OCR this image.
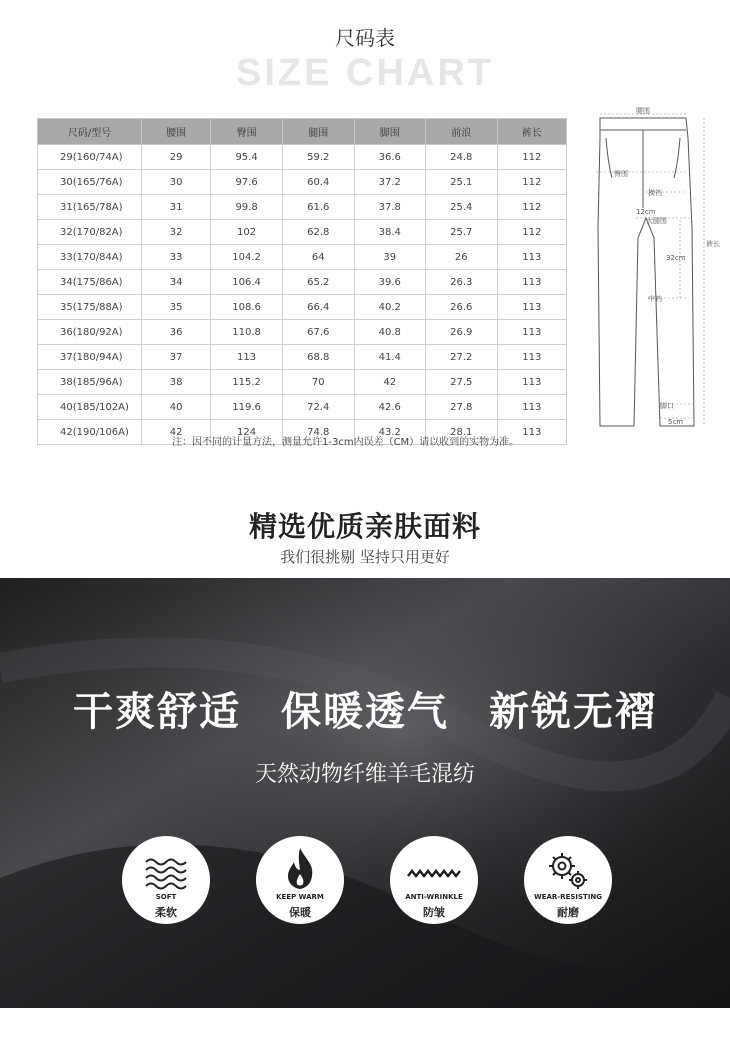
尺码表
SIZE CHART
尺码/型号	腰围	臀围	腿围	脚围	前浪	裤长
29(160/74A)	29	95.4	59.2	36.6	24.8	112
30(165/76A)	30	97.6	60.4	37.2	25.1	112
31(165/78A)	31	99.8	61.6	37.8	25.4	112
32(170/82A)	32	102	62.8	38.4	25.7	112
33(170/84A)	33	104.2	64	39	26	113
34(175/86A)	34	106.4	65.2	39.6	26.3	113
35(175/88A)	35	108.6	66.4	40.2	26.6	113
36(180/92A)	36	110.8	67.6	40.8	26.9	113
37(180/94A)	37	113	68.8	41.4	27.2	113
38(185/96A)	38	115.2	70	42	27.5	113
40(185/102A)	40	119.6	72.4	42.6	27.8	113
42(190/106A)	42	124	74.8	43.2	28.1	113
注：因不同的计量方法，测量允许1-3cm内误差（CM）请以收到的实物为准。
腰围
臀围
横裆
12cm
大腿围
32cm
中裆
裤长
脚口
5cm
精选优质亲肤面料
我们很挑剔 坚持只用更好
干爽舒适 保暖透气 新锐无褶
天然动物纤维羊毛混纺
SOFT
柔软
KEEP WARM
保暖
ANTI-WRINKLE
防皱
WEAR-RESISTING
耐磨
